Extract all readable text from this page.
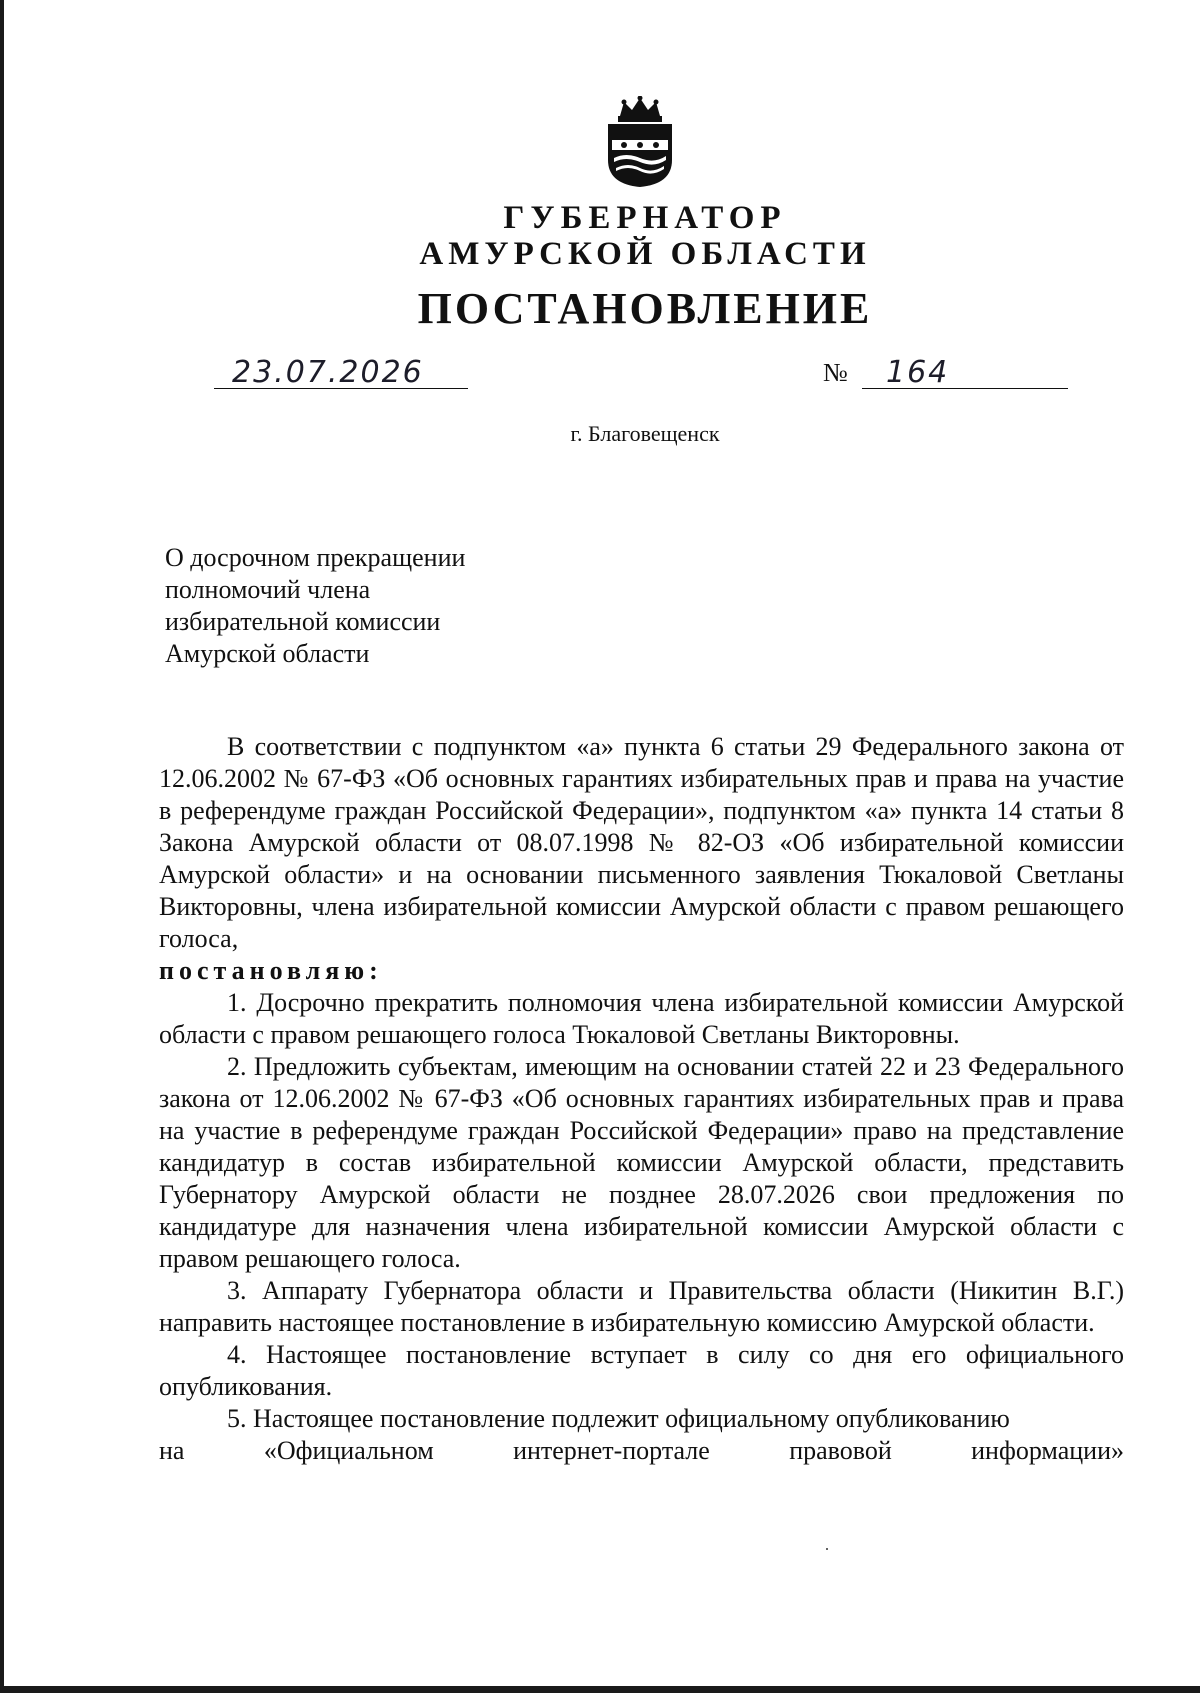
ГУБЕРНАТОР
АМУРСКОЙ ОБЛАСТИ
ПОСТАНОВЛЕНИЕ
23.07.2026	№ 164
г. Благовещенск
О досрочном прекращении
полномочий члена
избирательной комиссии
Амурской области

В соответствии с подпунктом «а» пункта 6 статьи 29 Федерального закона от 12.06.2002 № 67-ФЗ «Об основных гарантиях избирательных прав и права на участие в референдуме граждан Российской Федерации», подпунктом «а» пункта 14 статьи 8 Закона Амурской области от 08.07.1998 № 82-ОЗ «Об избирательной комиссии Амурской области» и на основании письменного заявления Тюкаловой Светланы Викторовны, члена избирательной комиссии Амурской области с правом решающего голоса,

постановляю:

1. Досрочно прекратить полномочия члена избирательной комиссии Амурской области с правом решающего голоса Тюкаловой Светланы Викторовны.

2. Предложить субъектам, имеющим на основании статей 22 и 23 Федерального закона от 12.06.2002 № 67-ФЗ «Об основных гарантиях избирательных прав и права на участие в референдуме граждан Российской Федерации» право на представление кандидатур в состав избирательной комиссии Амурской области, представить Губернатору Амурской области не позднее 28.07.2026 свои предложения по кандидатуре для назначения члена избирательной комиссии Амурской области с правом решающего голоса.

3. Аппарату Губернатора области и Правительства области (Никитин В.Г.) направить настоящее постановление в избирательную комиссию Амурской области.

4. Настоящее постановление вступает в силу со дня его официального опубликования.

5. Настоящее постановление подлежит официальному опубликованию

на	«Официальном	интернет-портале	правовой	информации»
